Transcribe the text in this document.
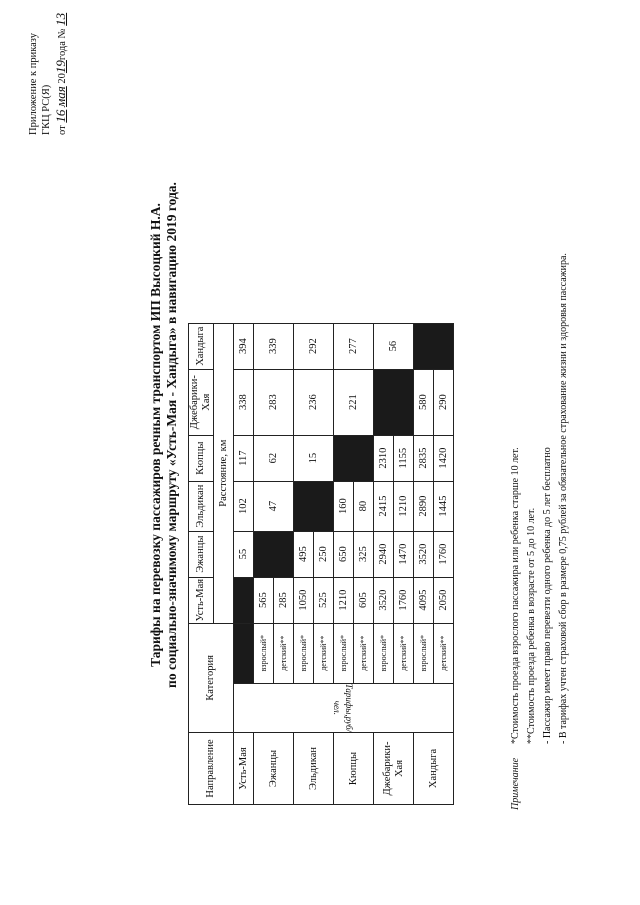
Приложение к приказу ГКЦ РС(Я) от 16 мая 2019года № 13
Тарифы на перевозку пассажиров речным транспортом ИП Высоцкий Н.А. по социально-значимому маршруту «Усть-Мая - Хандыга» в навигацию 2019 года.
Направление	Категория		Усть-Мая	Эжанцы	Эльдикан	Кюпцы	Джебарики-Хая	Хандыга
			Расстояние, км					
Усть-Мая	Тарифы,руб/чел.			55	102	117	338	394
Эжанцы		взрослый*	565		47	62	283	339
		детский**	285					
Эльдикан		взрослый*	1050	495		15	236	292
		детский**	525	250				
Кюпцы		взрослый*	1210	650	160		221	277
		детский**	605	325	80			
Джебарики-Хая		взрослый*	3520	2940	2415	2310		56
		детский**	1760	1470	1210	1155		
Хандыга		взрослый*	4095	3520	2890	2835	580	
		детский**	2050	1760	1445	1420	290	
Примечание
*Стоимость проезда взрослого пассажира или ребенка старше 10 лет. **Стоимость проезда ребенка в возрасте от 5 до 10 лет. - Пассажир имеет право перевезти одного ребенка до 5 лет бесплатно - В тарифах учтен страховой сбор в размере 0,75 рублей за обязательное страхование жизни и здоровья пассажира.
